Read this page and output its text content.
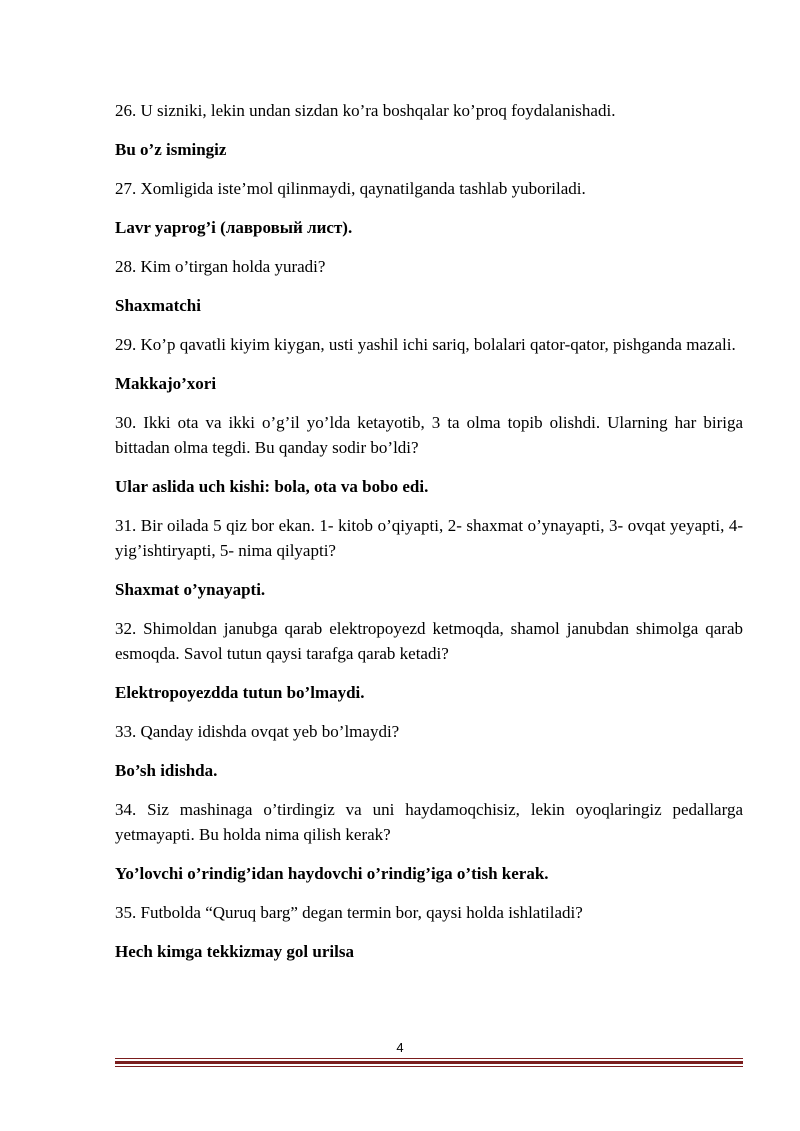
26. U sizniki, lekin undan sizdan ko’ra boshqalar ko’proq foydalanishadi.

Bu o’z ismingiz

27. Xomligida iste’mol qilinmaydi, qaynatilganda tashlab yuboriladi.

Lavr yaprog’i (лавровый лист).

28. Kim o’tirgan holda yuradi?

Shaxmatchi

29. Ko’p qavatli kiyim kiygan, usti yashil ichi sariq, bolalari qator-qator, pishganda mazali.

Makkajo’xori

30. Ikki ota va ikki o’g’il yo’lda ketayotib, 3 ta olma topib olishdi. Ularning har biriga bittadan olma tegdi. Bu qanday sodir bo’ldi?

Ular aslida uch kishi: bola, ota va bobo edi.

31. Bir oilada 5 qiz bor ekan. 1- kitob o’qiyapti, 2- shaxmat o’ynayapti, 3- ovqat yeyapti, 4- yig’ishtiryapti, 5- nima qilyapti?

Shaxmat o’ynayapti.

32. Shimoldan janubga qarab elektropoyezd ketmoqda, shamol janubdan shimolga qarab esmoqda. Savol tutun qaysi tarafga qarab ketadi?

Elektropoyezdda tutun bo’lmaydi.

33. Qanday idishda ovqat yeb bo’lmaydi?

Bo’sh idishda.

34. Siz mashinaga o’tirdingiz va uni haydamoqchisiz, lekin oyoqlaringiz pedallarga yetmayapti. Bu holda nima qilish kerak?

Yo’lovchi o’rindig’idan haydovchi o’rindig’iga o’tish kerak.

35. Futbolda “Quruq barg” degan termin bor, qaysi holda ishlatiladi?

Hech kimga tekkizmay gol urilsa

4
